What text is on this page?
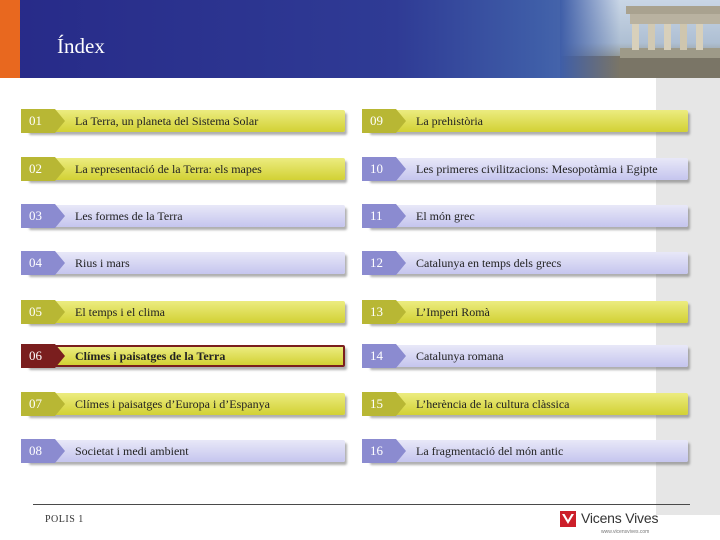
Índex
01	La Terra, un planeta del Sistema Solar
02	La representació de la Terra: els mapes
03	Les formes de la Terra
04	Rius i mars
05	El temps i el clima
06	Clímes i paisatges de la Terra
07	Clímes i paisatges d’Europa i d’Espanya
08	Societat i medi ambient
09	La prehistòria
10	Les primeres civilitzacions: Mesopotàmia i Egipte
11	El món grec
12	Catalunya en temps dels grecs
13	L’Imperi Romà
14	Catalunya romana
15	L’herència de la cultura clàssica
16	La fragmentació del món antic
POLIS 1	Vicens Vives
www.vicensvives.com
